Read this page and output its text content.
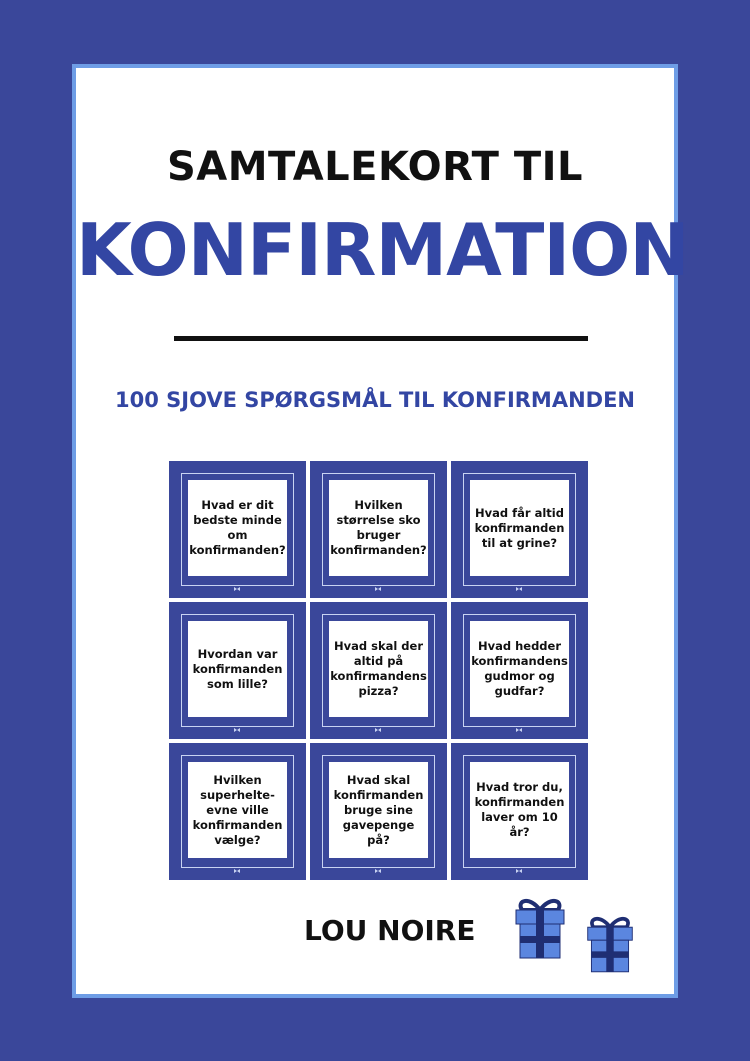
SAMTALEKORT TIL
KONFIRMATION
100 SJOVE SPØRGSMÅL TIL KONFIRMANDEN
Hvad er dit bedste minde om konfirmanden?
Hvilken størrelse sko bruger konfirmanden?
Hvad får altid konfirmanden til at grine?
Hvordan var konfirmanden som lille?
Hvad skal der altid på konfirmandens pizza?
Hvad hedder konfirmandens gudmor og gudfar?
Hvilken superhelte-evne ville konfirmanden vælge?
Hvad skal konfirmanden bruge sine gavepenge på?
Hvad tror du, konfirmanden laver om 10 år?
LOU NOIRE
